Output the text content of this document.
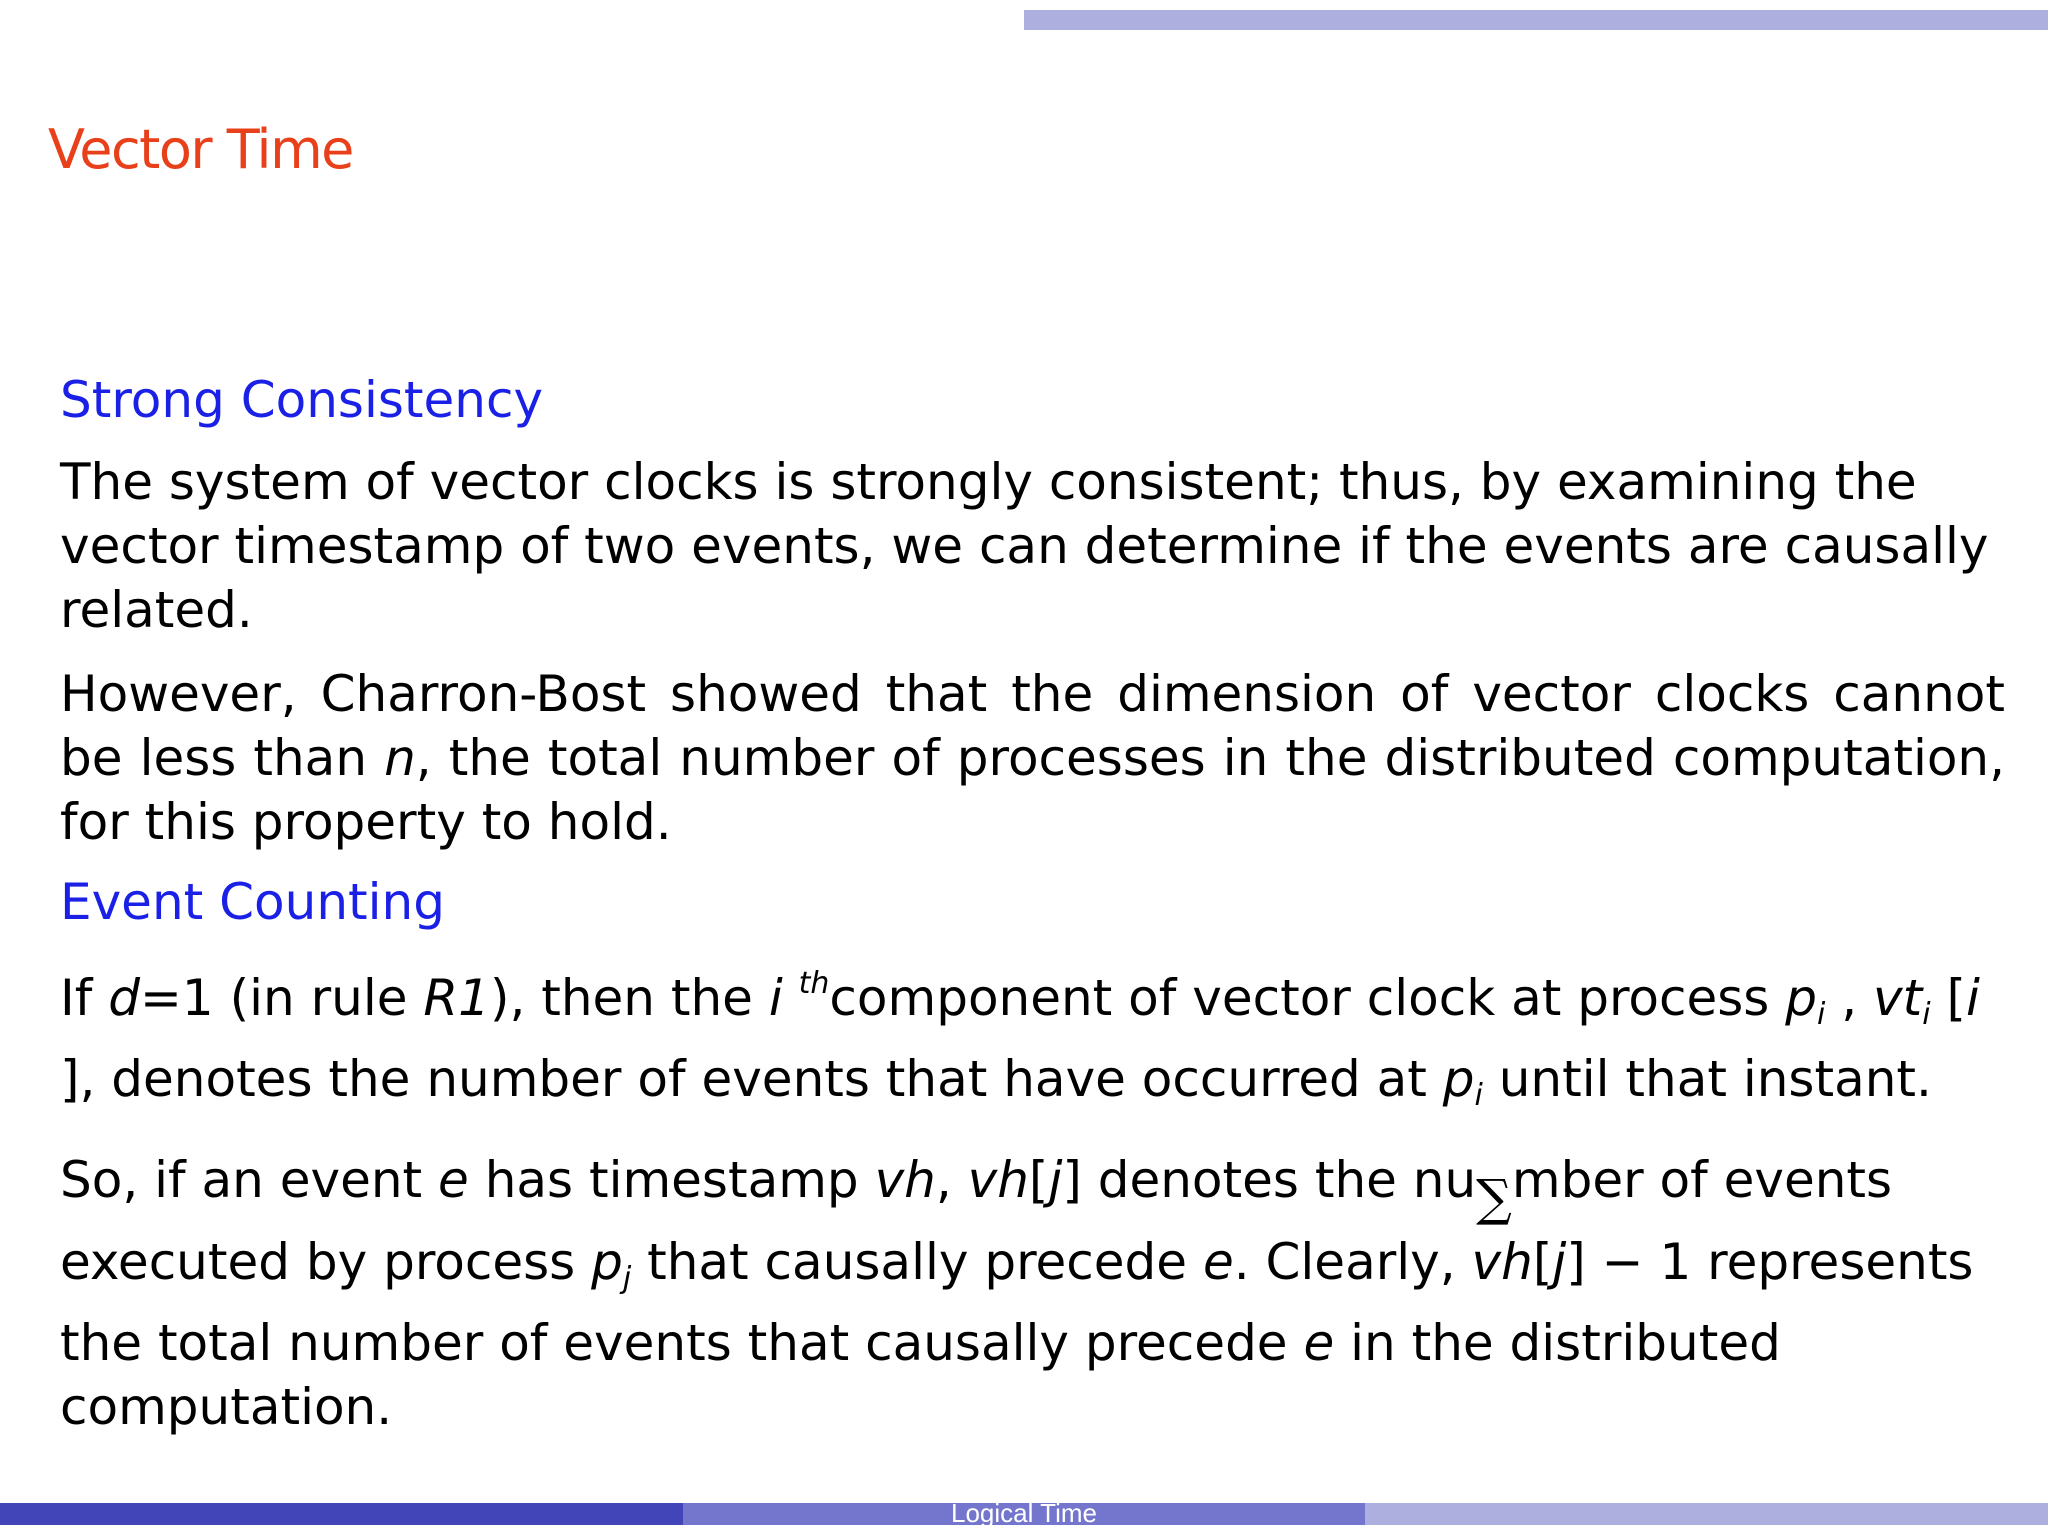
Vector Time
Strong Consistency

The system of vector clocks is strongly consistent; thus, by examining the vector timestamp of two events, we can determine if the events are causally related.

However, Charron-Bost showed that the dimension of vector clocks cannot be less than n, the total number of processes in the distributed computation, for this property to hold.

Event Counting

If d=1 (in rule R1), then the i $^{th}$component of vector clock at process $p_i$ , $vt_i$ [i ], denotes the number of events that have occurred at $p_i$ until that instant.

So, if an event e has timestamp vh, vh[j] denotes the nu∑mber of events executed by process $p_j$ that causally precede e. Clearly, vh[j] − 1 represents the total number of events that causally precede e in the distributed computation.

Logical Time
